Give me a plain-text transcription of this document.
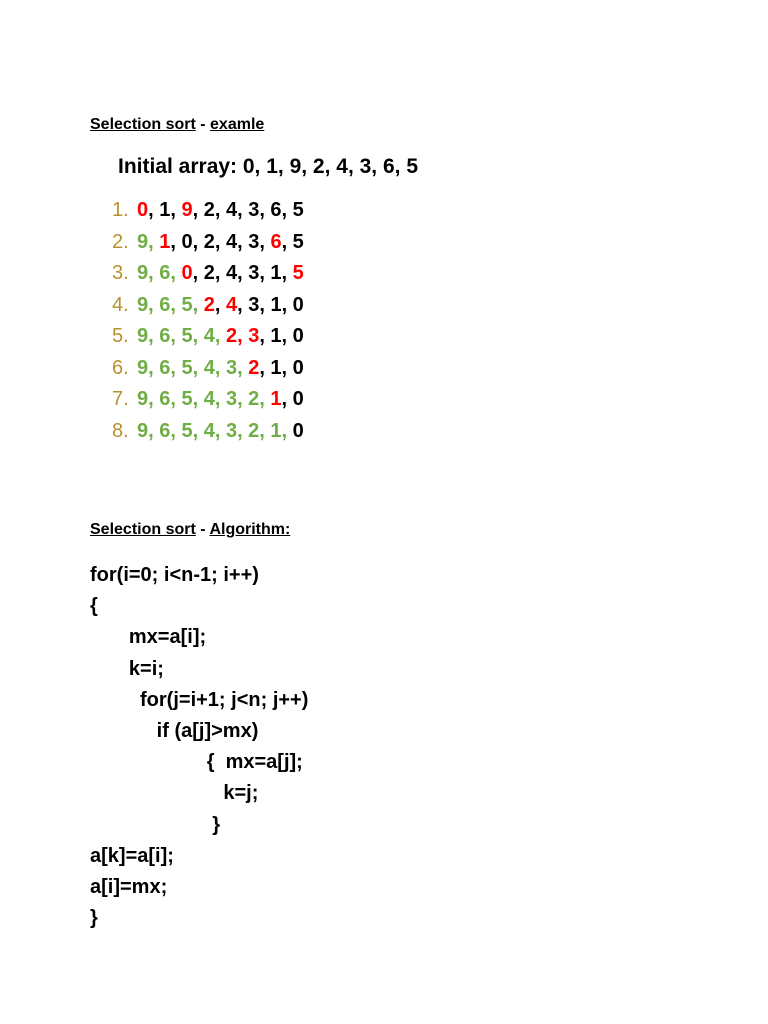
Selection sort - examle
Initial array: 0, 1, 9, 2, 4, 3, 6, 5
1. 0, 1, 9, 2, 4, 3, 6, 5
2. 9, 1, 0, 2, 4, 3, 6, 5
3. 9, 6, 0, 2, 4, 3, 1, 5
4. 9, 6, 5, 2, 4, 3, 1, 0
5. 9, 6, 5, 4, 2, 3, 1, 0
6. 9, 6, 5, 4, 3, 2, 1, 0
7. 9, 6, 5, 4, 3, 2, 1, 0
8. 9, 6, 5, 4, 3, 2, 1, 0
Selection sort - Algorithm:
for(i=0; i<n-1; i++)
{
mx=a[i];
k=i;
for(j=i+1; j<n; j++)
if (a[j]>mx)
{  mx=a[j];
k=j;
}
a[k]=a[i];
a[i]=mx;
}
